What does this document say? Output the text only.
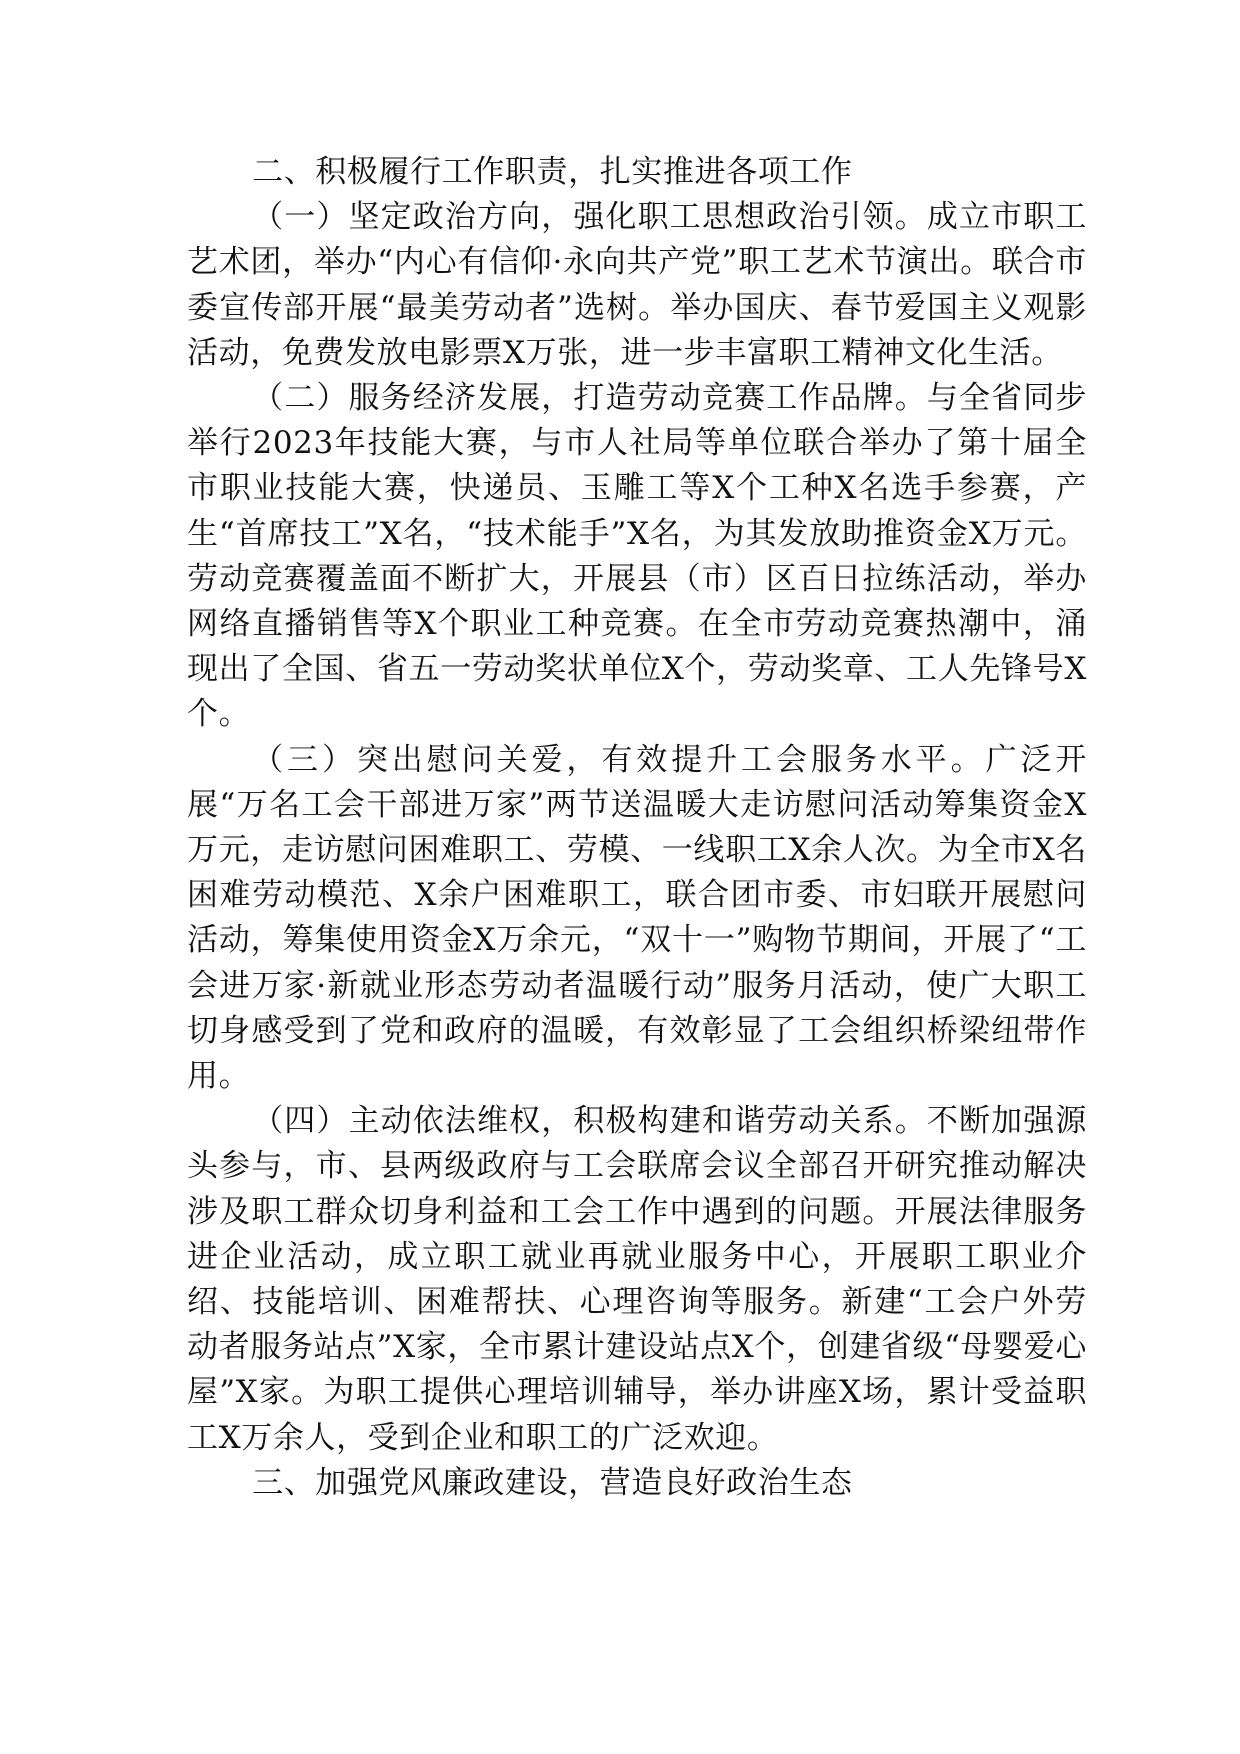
二、积极履行工作职责，扎实推进各项工作

（一）坚定政治方向，强化职工思想政治引领。成立市职工艺术团，举办“内心有信仰·永向共产党”职工艺术节演出。联合市委宣传部开展“最美劳动者”选树。举办国庆、春节爱国主义观影活动，免费发放电影票X万张，进一步丰富职工精神文化生活。

（二）服务经济发展，打造劳动竞赛工作品牌。与全省同步举行2023年技能大赛，与市人社局等单位联合举办了第十届全市职业技能大赛，快递员、玉雕工等X个工种X名选手参赛，产生“首席技工”X名，“技术能手”X名，为其发放助推资金X万元。劳动竞赛覆盖面不断扩大，开展县（市）区百日拉练活动，举办网络直播销售等X个职业工种竞赛。在全市劳动竞赛热潮中，涌现出了全国、省五一劳动奖状单位X个，劳动奖章、工人先锋号X个。

（三）突出慰问关爱，有效提升工会服务水平。广泛开展“万名工会干部进万家”两节送温暖大走访慰问活动筹集资金X万元，走访慰问困难职工、劳模、一线职工X余人次。为全市X名困难劳动模范、X余户困难职工，联合团市委、市妇联开展慰问活动，筹集使用资金X万余元，“双十一”购物节期间，开展了“工会进万家·新就业形态劳动者温暖行动”服务月活动，使广大职工切身感受到了党和政府的温暖，有效彰显了工会组织桥梁纽带作用。

（四）主动依法维权，积极构建和谐劳动关系。不断加强源头参与，市、县两级政府与工会联席会议全部召开研究推动解决涉及职工群众切身利益和工会工作中遇到的问题。开展法律服务进企业活动，成立职工就业再就业服务中心，开展职工职业介绍、技能培训、困难帮扶、心理咨询等服务。新建“工会户外劳动者服务站点”X家，全市累计建设站点X个，创建省级“母婴爱心屋”X家。为职工提供心理培训辅导，举办讲座X场，累计受益职工X万余人，受到企业和职工的广泛欢迎。

三、加强党风廉政建设，营造良好政治生态
